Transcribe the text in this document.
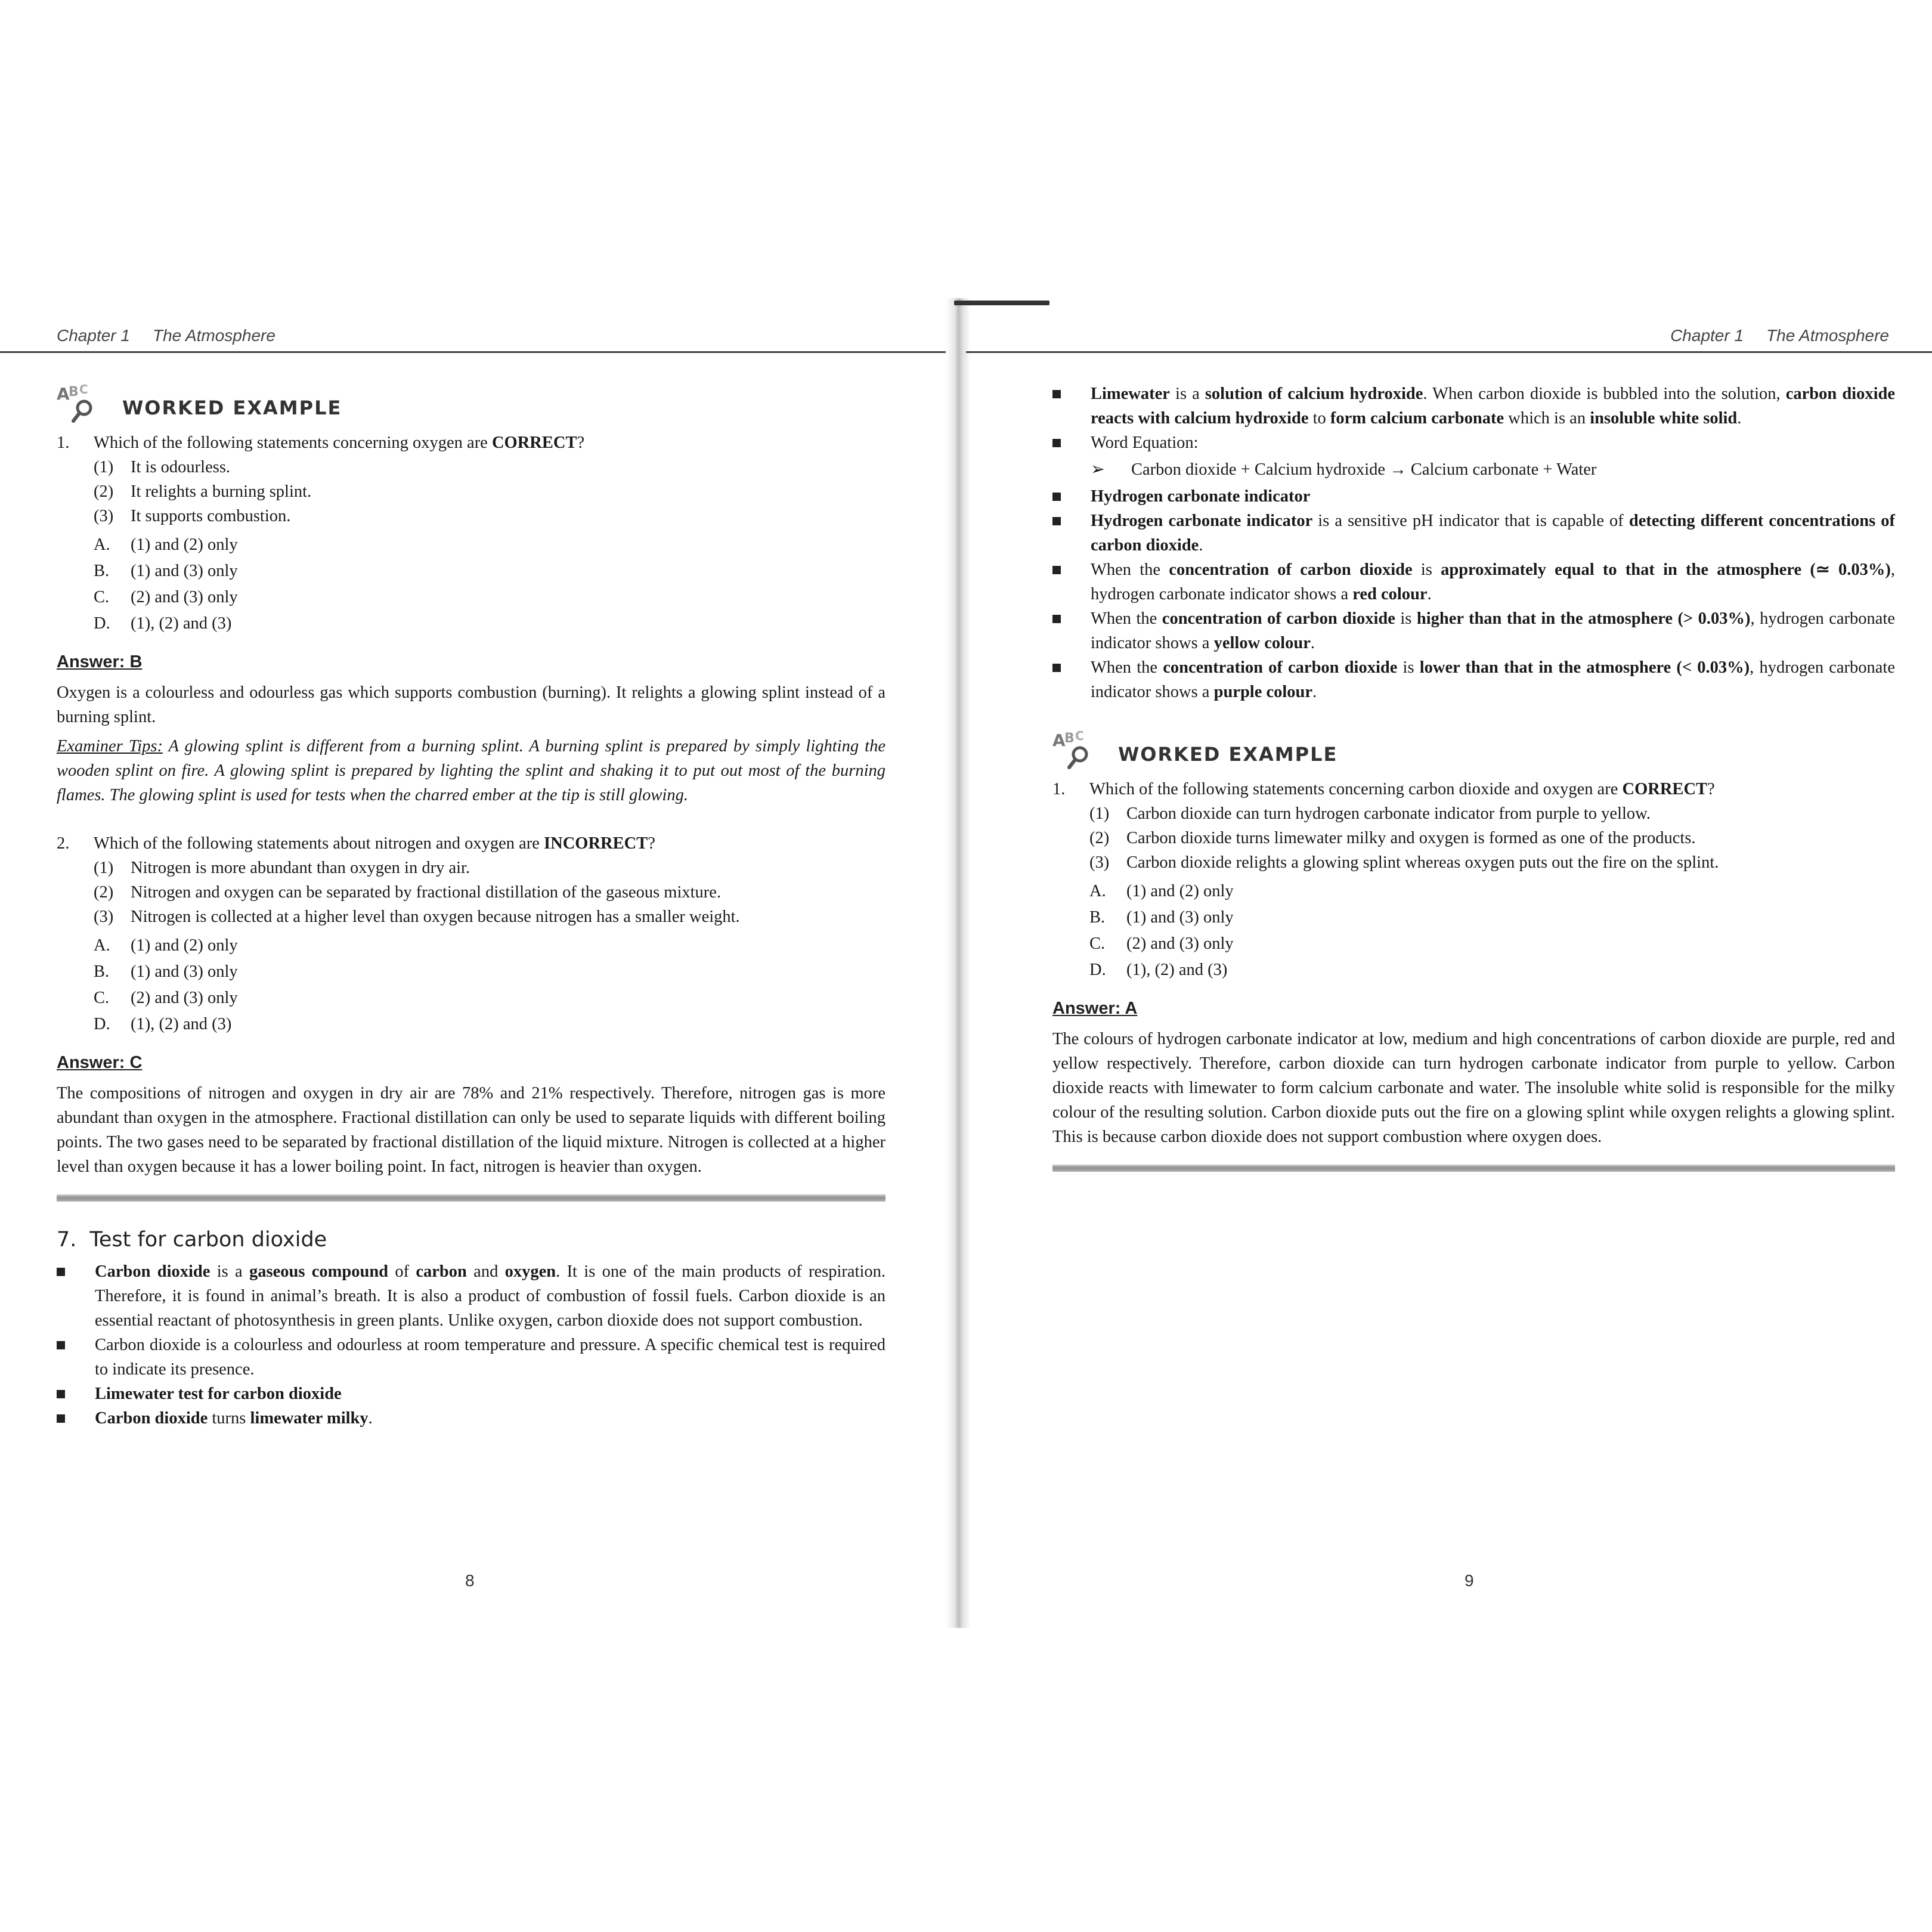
Chapter 1 The Atmosphere
A
B C
WORKED EXAMPLE
1.	Which of the following statements concerning oxygen are CORRECT?
(1)	It is odourless.
(2)	It relights a burning splint.
(3)	It supports combustion.
A.	(1) and (2) only
B.	(1) and (3) only
C.	(2) and (3) only
D.	(1), (2) and (3)
Answer: B

Oxygen is a colourless and odourless gas which supports combustion (burning). It relights a glowing splint instead of a burning splint.

Examiner Tips: A glowing splint is different from a burning splint. A burning splint is prepared by simply lighting the wooden splint on fire. A glowing splint is prepared by lighting the splint and shaking it to put out most of the burning flames. The glowing splint is used for tests when the charred ember at the tip is still glowing.

2.	Which of the following statements about nitrogen and oxygen are INCORRECT?
(1)	Nitrogen is more abundant than oxygen in dry air.
(2)	Nitrogen and oxygen can be separated by fractional distillation of the gaseous mixture.
(3)	Nitrogen is collected at a higher level than oxygen because nitrogen has a smaller weight.
A.	(1) and (2) only
B.	(1) and (3) only
C.	(2) and (3) only
D.	(1), (2) and (3)
Answer: C

The compositions of nitrogen and oxygen in dry air are 78% and 21% respectively. Therefore, nitrogen gas is more abundant than oxygen in the atmosphere. Fractional distillation can only be used to separate liquids with different boiling points. The two gases need to be separated by fractional distillation of the liquid mixture. Nitrogen is collected at a higher level than oxygen because it has a lower boiling point. In fact, nitrogen is heavier than oxygen.

7. Test for carbon dioxide
Carbon dioxide is a gaseous compound of carbon and oxygen. It is one of the main products of respiration. Therefore, it is found in animal’s breath. It is also a product of combustion of fossil fuels. Carbon dioxide is an essential reactant of photosynthesis in green plants. Unlike oxygen, carbon dioxide does not support combustion.
Carbon dioxide is a colourless and odourless at room temperature and pressure. A specific chemical test is required to indicate its presence.
Limewater test for carbon dioxide
Carbon dioxide turns limewater milky.
8
Chapter 1 The Atmosphere
Limewater is a solution of calcium hydroxide. When carbon dioxide is bubbled into the solution, carbon dioxide reacts with calcium hydroxide to form calcium carbonate which is an insoluble white solid.
Word Equation:
➢	Carbon dioxide + Calcium hydroxide → Calcium carbonate + Water
Hydrogen carbonate indicator
Hydrogen carbonate indicator is a sensitive pH indicator that is capable of detecting different concentrations of carbon dioxide.
When the concentration of carbon dioxide is approximately equal to that in the atmosphere (≃ 0.03%), hydrogen carbonate indicator shows a red colour.
When the concentration of carbon dioxide is higher than that in the atmosphere (> 0.03%), hydrogen carbonate indicator shows a yellow colour.
When the concentration of carbon dioxide is lower than that in the atmosphere (< 0.03%), hydrogen carbonate indicator shows a purple colour.
A
B C
WORKED EXAMPLE
1.	Which of the following statements concerning carbon dioxide and oxygen are CORRECT?
(1)	Carbon dioxide can turn hydrogen carbonate indicator from purple to yellow.
(2)	Carbon dioxide turns limewater milky and oxygen is formed as one of the products.
(3)	Carbon dioxide relights a glowing splint whereas oxygen puts out the fire on the splint.
A.	(1) and (2) only
B.	(1) and (3) only
C.	(2) and (3) only
D.	(1), (2) and (3)
Answer: A

The colours of hydrogen carbonate indicator at low, medium and high concentrations of carbon dioxide are purple, red and yellow respectively. Therefore, carbon dioxide can turn hydrogen carbonate indicator from purple to yellow. Carbon dioxide reacts with limewater to form calcium carbonate and water. The insoluble white solid is responsible for the milky colour of the resulting solution. Carbon dioxide puts out the fire on a glowing splint while oxygen relights a glowing splint. This is because carbon dioxide does not support combustion where oxygen does.

9
